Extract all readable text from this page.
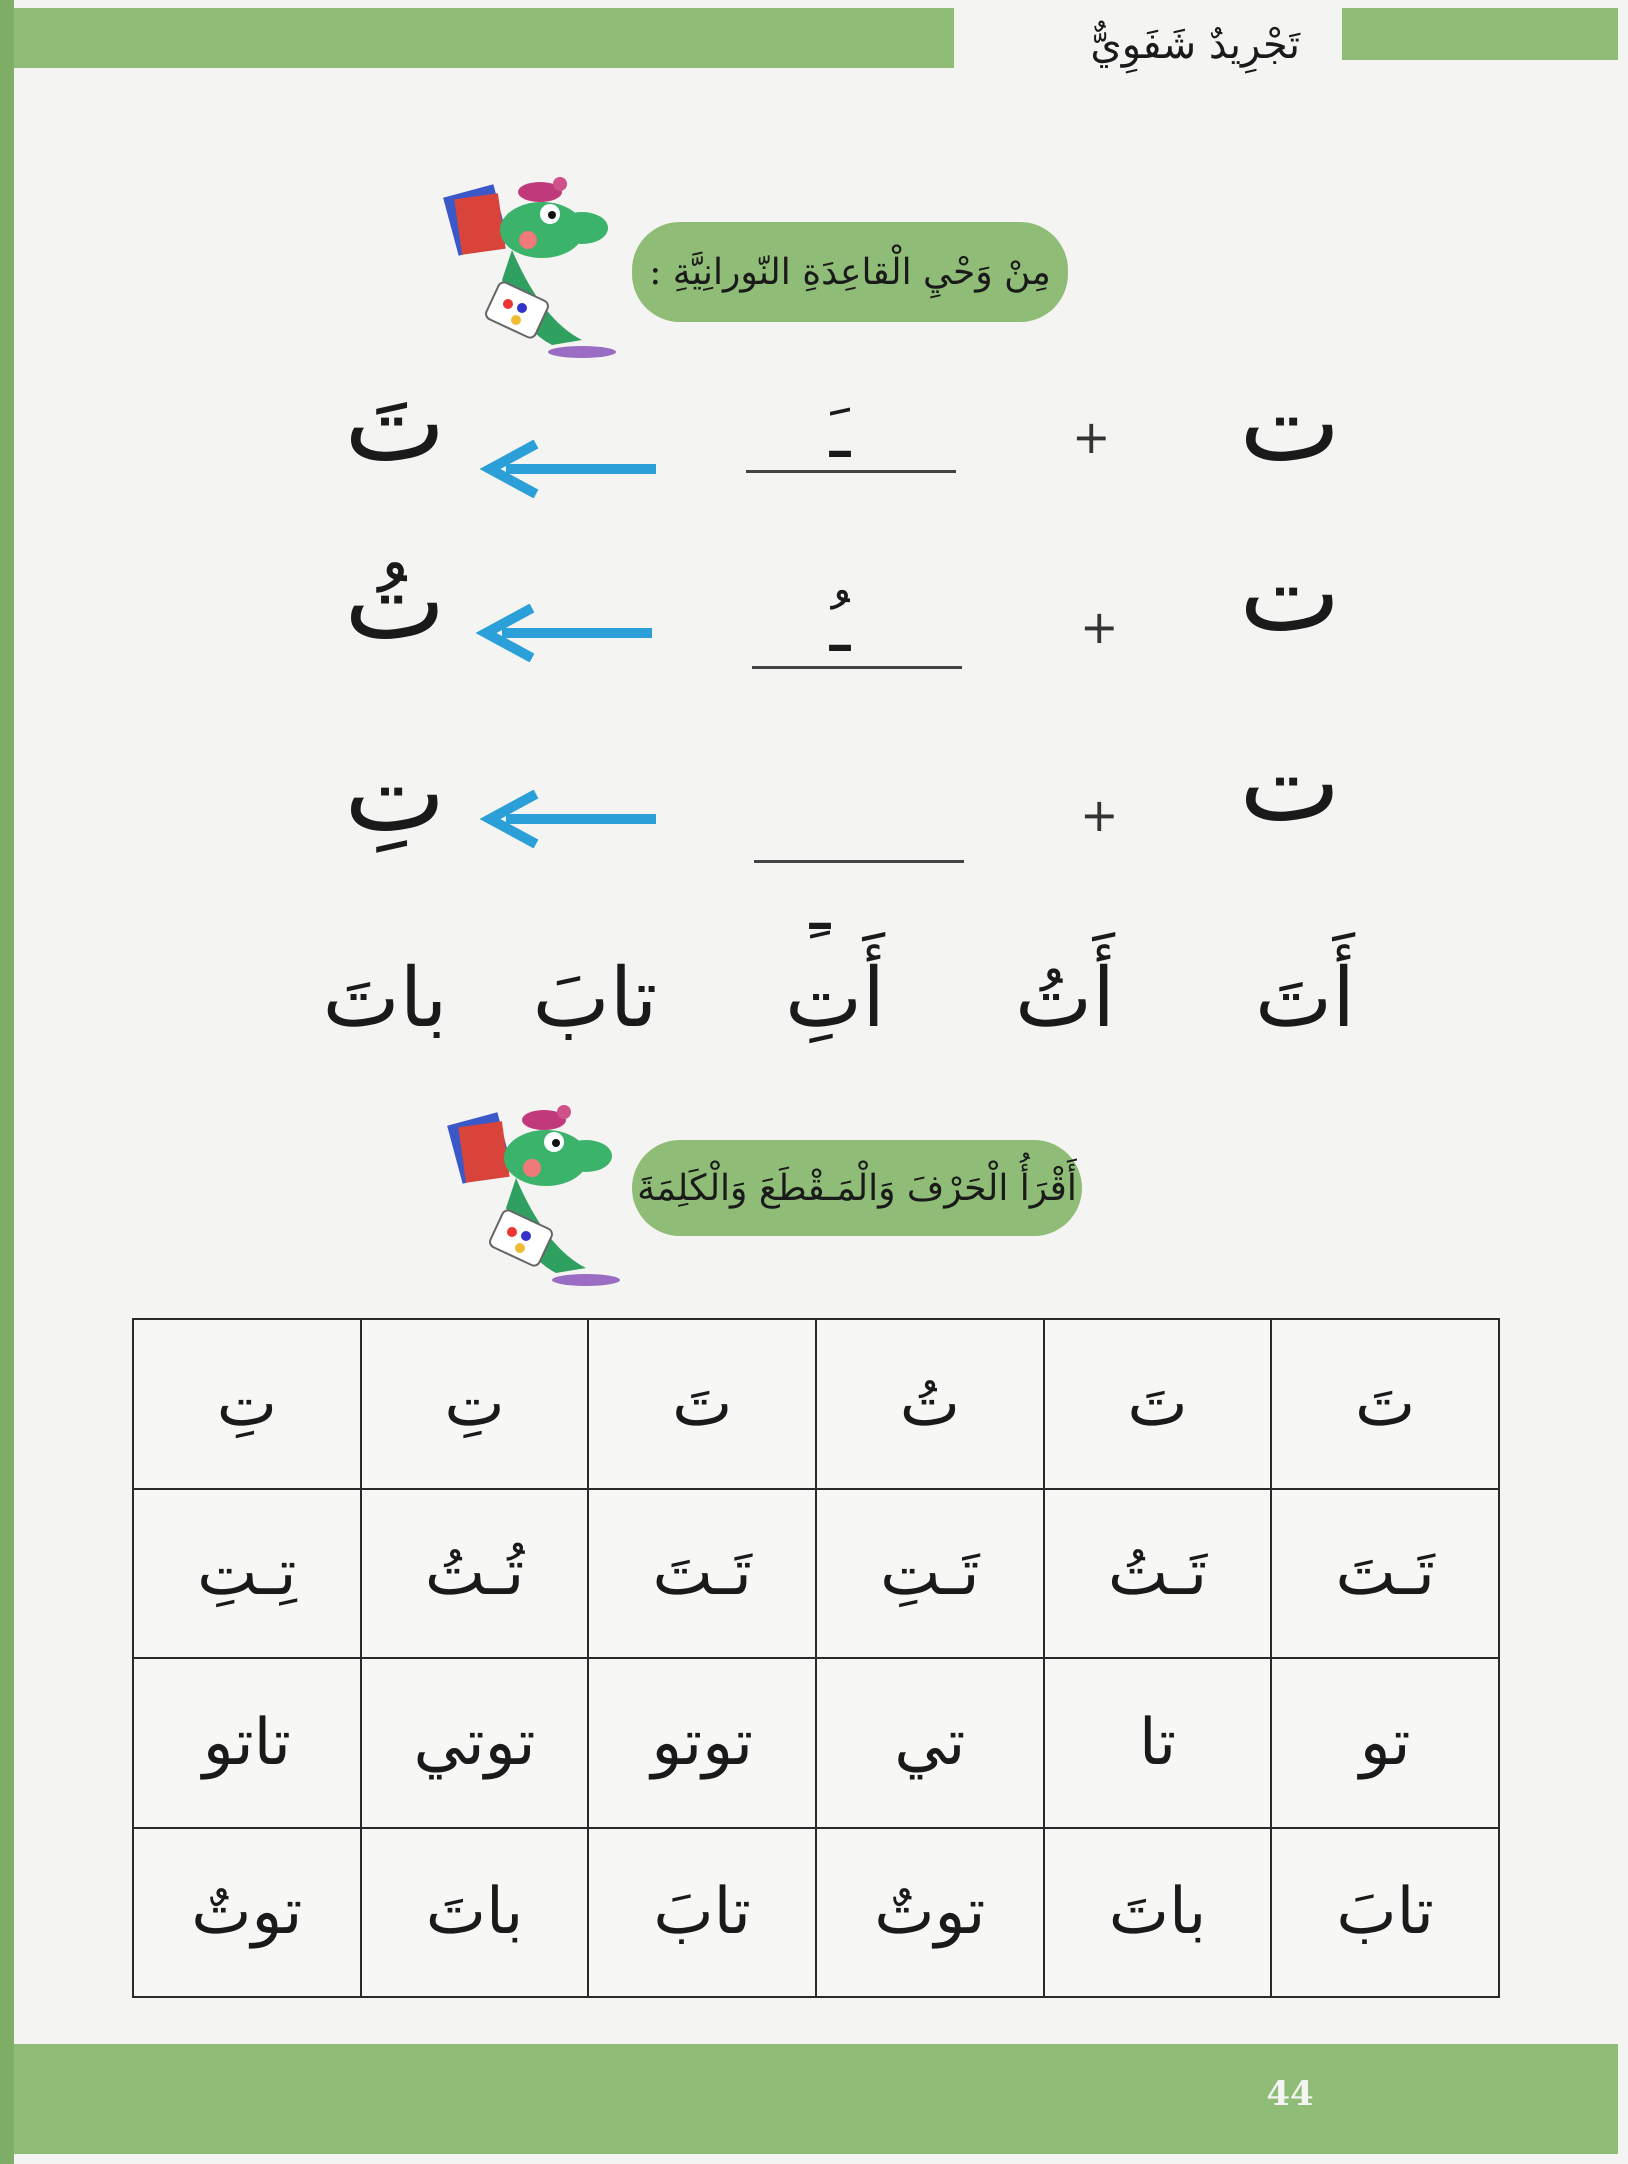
تَجْرِيدٌ شَفَوِيٌّ
مِنْ وَحْيِ الْقاعِدَةِ النّورانِيَّةِ :
ت
+
ـَ
تَ
ت
+
ـُ
تُ
ت
+
ـِ
تِ
أَتَ
أَتُ
أَتِ
تابَ
باتَ
أَقْرَأُ الْحَرْفَ وَالْمَـقْطَعَ وَالْكَلِمَةَ
تَ	تَ	تُ	تَ	تِ	تِ
تَـتَ	تَـتُ	تَـتِ	تَـتَ	تُـتُ	تِـتِ
تو	تا	تي	توتو	توتي	تاتو
تابَ	باتَ	توتٌ	تابَ	باتَ	توتٌ
44
